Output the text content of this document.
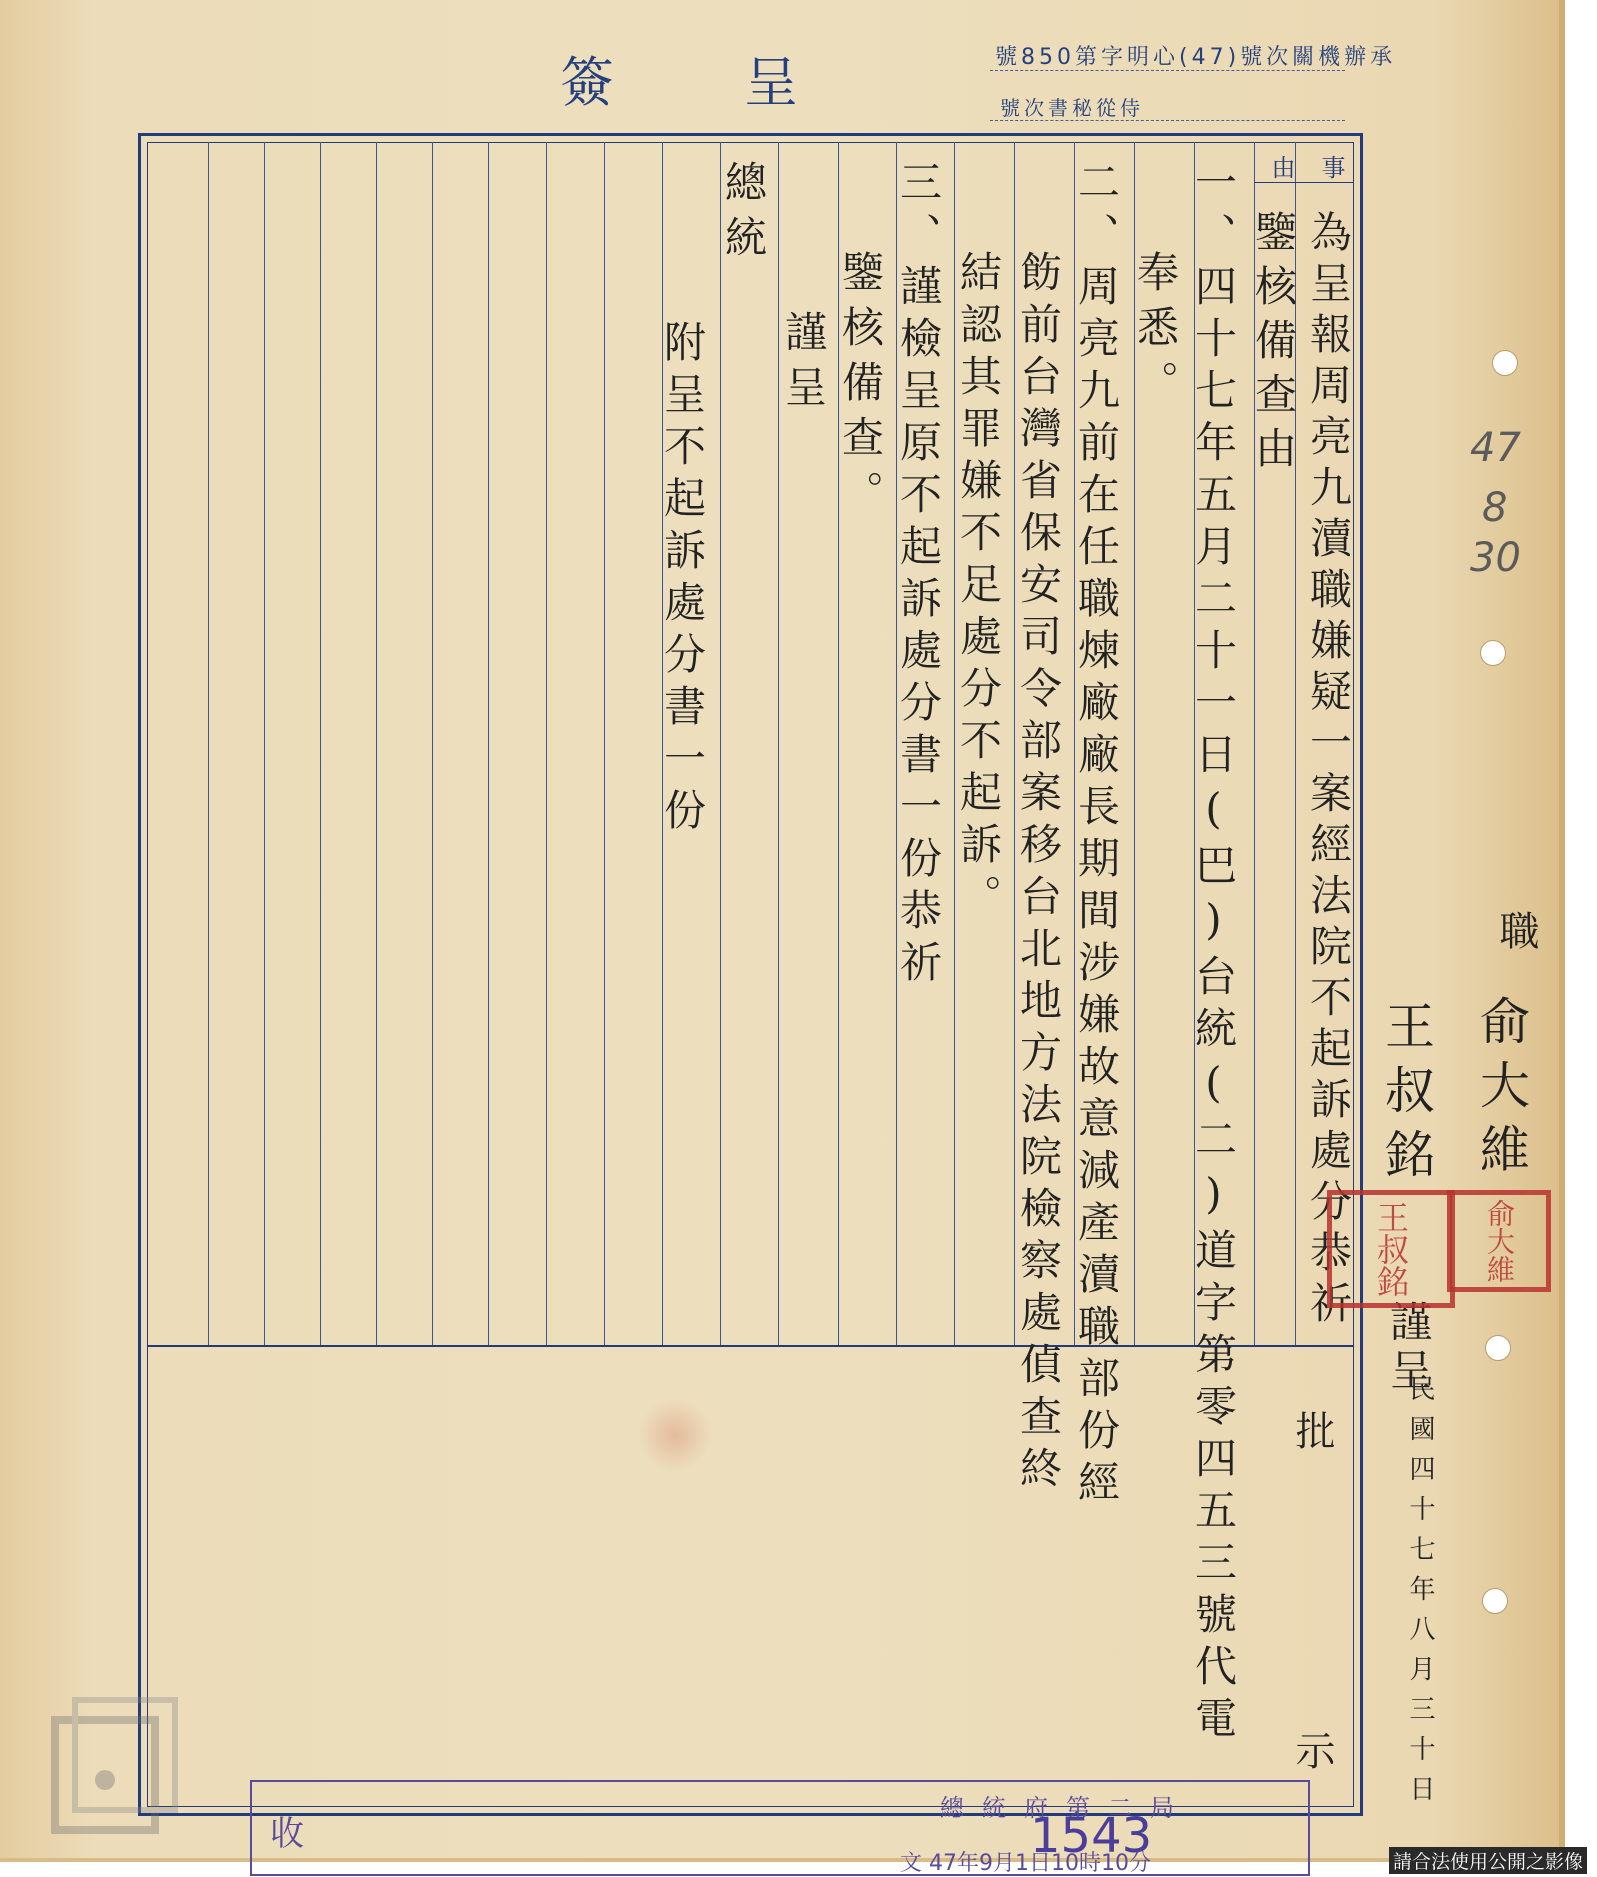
簽呈	號850第字明心(47)號次關機辦承
號次書秘從侍
事
由
為呈報周亮九瀆職嫌疑一案經法院不起訴處分恭祈
鑒核備查由
一、四十七年五月二十一日(巴)台統(二)道字第零四五三號代電
奉悉。
二、周亮九前在任職煉廠廠長期間涉嫌故意減產瀆職部份經
飭前台灣省保安司令部案移台北地方法院檢察處偵查終
結認其罪嫌不足處分不起訴。
三、謹檢呈原不起訴處分書一份恭祈
鑒核備查。
謹呈
總統
附呈不起訴處分書一份
職
俞大維
王叔銘
謹呈
俞大維
王叔銘
民國四十七年八月三十日
批
示
47
8
30
總統府第二局
收	1543
文 47年9月1日10時10分	請合法使用公開之影像
